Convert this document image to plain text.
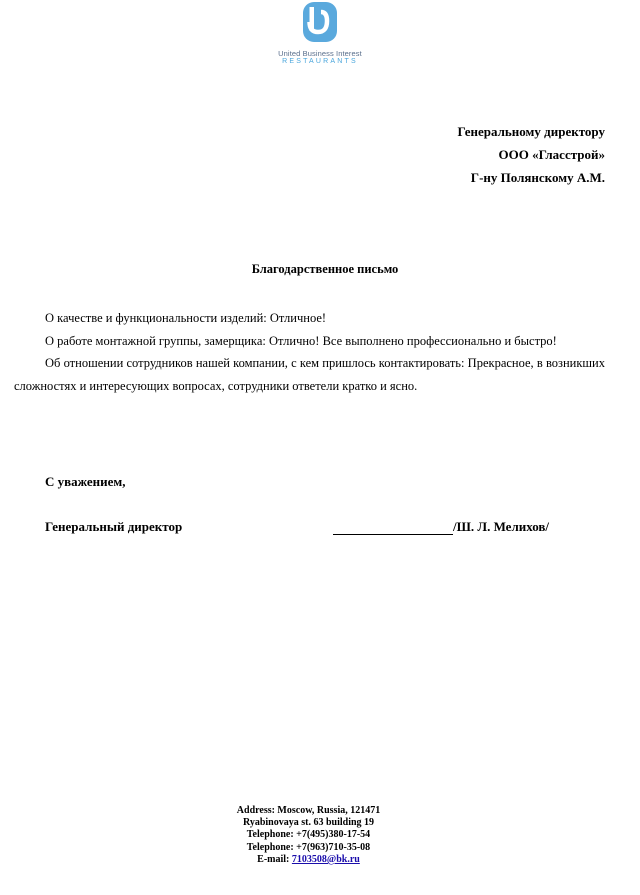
United Business Interest
RESTAURANTS
Генеральному директору
ООО «Гласстрой»
Г-ну Полянскому А.М.
Благодарственное письмо

О качестве и функциональности изделий: Отличное!

О работе монтажной группы, замерщика: Отлично! Все выполнено профессионально и быстро!

Об отношении сотрудников нашей компании, с кем пришлось контактировать: Прекрасное, в возникших сложностях и интересующих вопросах, сотрудники ответели кратко и ясно.

С уважением,
Генеральный директор	/Ш. Л. Мелихов/
Address: Moscow, Russia, 121471
Ryabinovaya st. 63 building 19
Telephone: +7(495)380-17-54
Telephone: +7(963)710-35-08
E-mail: 7103508@bk.ru
